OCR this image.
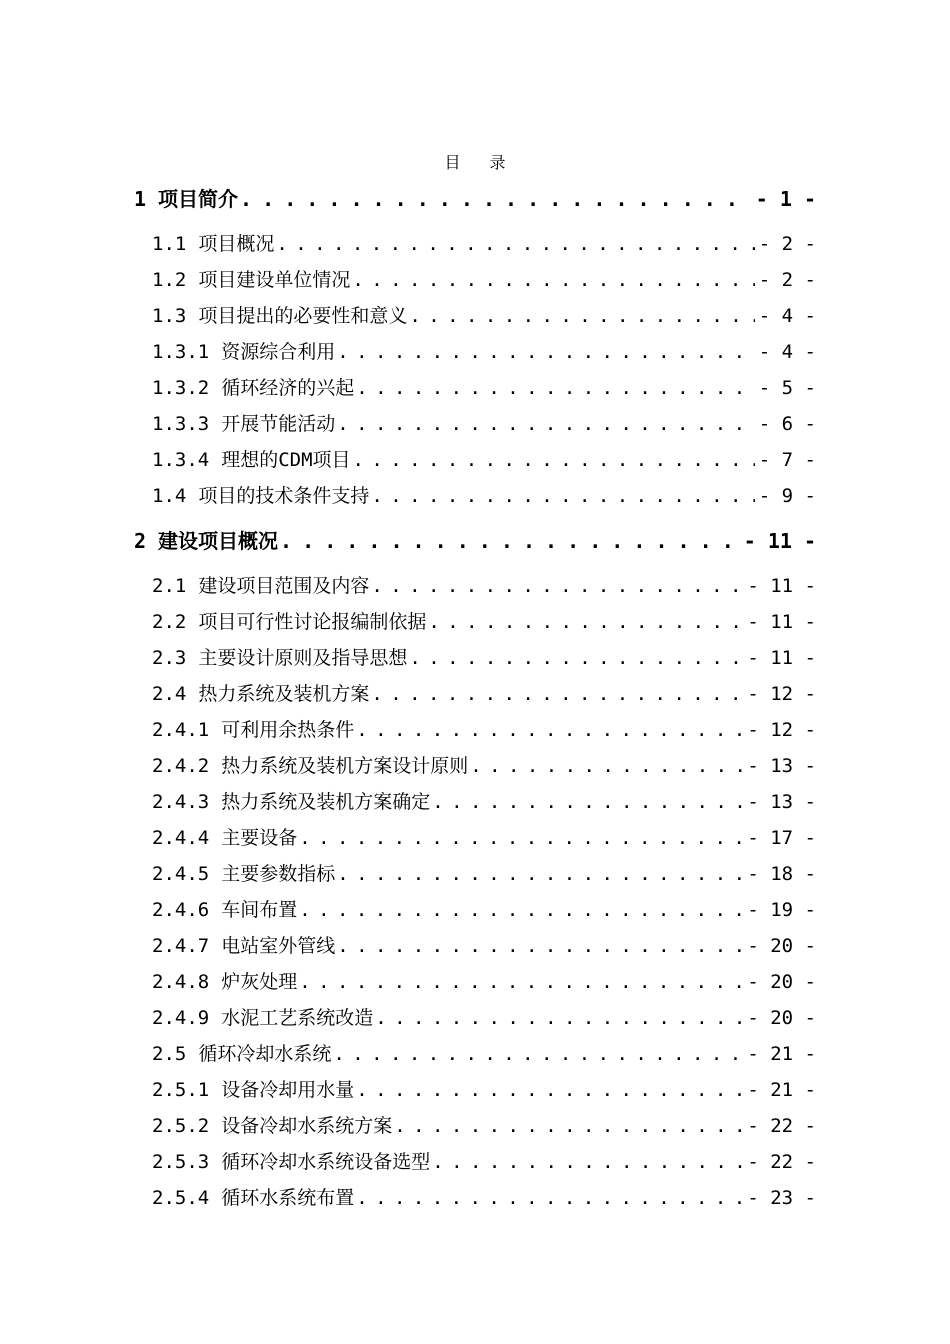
目 录
1 项目简介 . . .	- 1 -
1.1 项目概况 . . .	- 2 -
1.2 项目建设单位情况 . . .	- 2 -
1.3 项目提出的必要性和意义 . . .	- 4 -
1.3.1 资源综合利用 . . .	- 4 -
1.3.2 循环经济的兴起 . . .	- 5 -
1.3.3 开展节能活动 . . .	- 6 -
1.3.4 理想的CDM项目 . . .	- 7 -
1.4 项目的技术条件支持 . . .	- 9 -
2 建设项目概况 . . .	- 11 -
2.1 建设项目范围及内容 . . .	- 11 -
2.2 项目可行性讨论报编制依据 . . .	- 11 -
2.3 主要设计原则及指导思想 . . .	- 11 -
2.4 热力系统及装机方案 . . .	- 12 -
2.4.1 可利用余热条件 . . .	- 12 -
2.4.2 热力系统及装机方案设计原则 . . .	- 13 -
2.4.3 热力系统及装机方案确定 . . .	- 13 -
2.4.4 主要设备 . . .	- 17 -
2.4.5 主要参数指标 . . .	- 18 -
2.4.6 车间布置 . . .	- 19 -
2.4.7 电站室外管线 . . .	- 20 -
2.4.8 炉灰处理 . . .	- 20 -
2.4.9 水泥工艺系统改造 . . .	- 20 -
2.5 循环冷却水系统 . . .	- 21 -
2.5.1 设备冷却用水量 . . .	- 21 -
2.5.2 设备冷却水系统方案 . . .	- 22 -
2.5.3 循环冷却水系统设备选型 . . .	- 22 -
2.5.4 循环水系统布置 . . .	- 23 -
